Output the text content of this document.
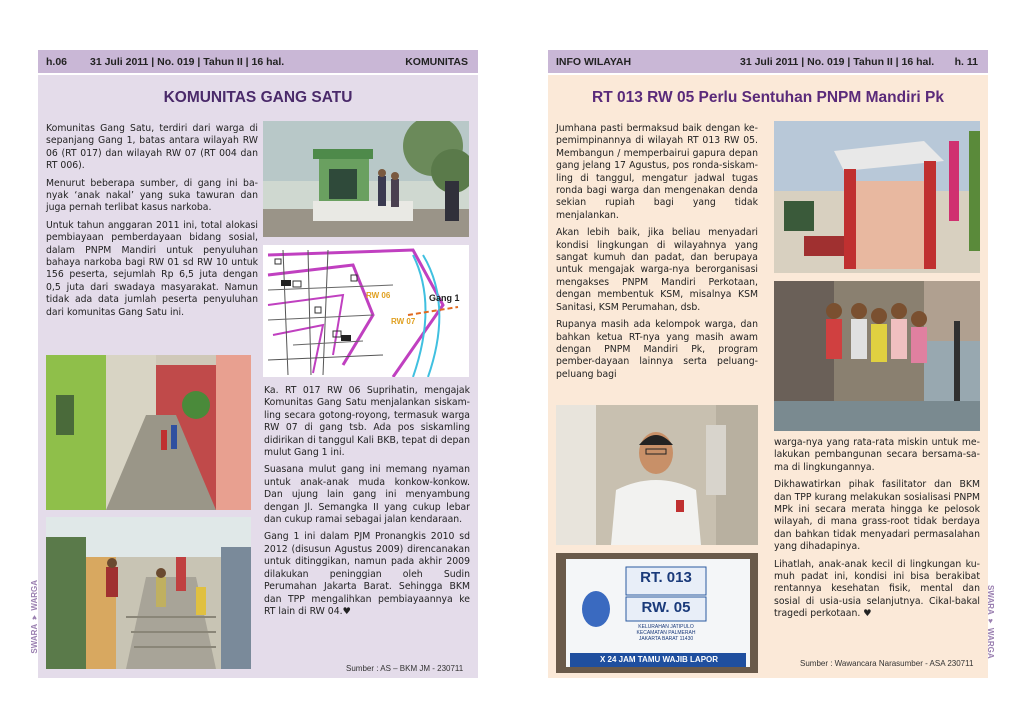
h.06 31 Juli 2011 | No. 019 | Tahun II | 16 hal.	KOMUNITAS
KOMUNITAS GANG SATU

Komunitas Gang Satu, terdiri dari warga di sepanjang Gang 1, batas antara wilayah RW 06 (RT 017) dan wilayah RW 07 (RT 004 dan RT 006).

Menurut beberapa sumber, di gang ini ba-nyak ‘anak nakal’ yang suka tawuran dan juga pernah terlibat kasus narkoba.

Untuk tahun anggaran 2011 ini, total alokasi pembiayaan pemberdayaan bidang sosial, dalam PNPM Mandiri untuk penyuluhan bahaya narkoba bagi RW 01 sd RW 10 untuk 156 peserta, sejumlah Rp 6,5 juta dengan 0,5 juta dari swadaya masyarakat. Namun tidak ada data jumlah peserta penyuluhan dari komunitas Gang Satu ini.

RW 06	Gang 1
RW 07

Ka. RT 017 RW 06 Suprihatin, mengajak Komunitas Gang Satu menjalankan siskam-ling secara gotong-royong, termasuk warga RW 07 di gang tsb. Ada pos siskamling didirikan di tanggul Kali BKB, tepat di depan mulut Gang 1 ini.

Suasana mulut gang ini memang nyaman untuk anak-anak muda konkow-konkow. Dan ujung lain gang ini menyambung dengan Jl. Semangka II yang cukup lebar dan cukup ramai sebagai jalan kendaraan.

Gang 1 ini dalam PJM Pronangkis 2010 sd 2012 (disusun Agustus 2009) direncanakan untuk ditinggikan, namun pada akhir 2009 dilakukan peninggian oleh Sudin Perumahan Jakarta Barat. Sehingga BKM dan TPP mengalihkan pembiayaannya ke RT lain di RW 04.♥

Sumber : AS – BKM JM - 230711
SWARA ♥ WARGA
INFO WILAYAH	31 Juli 2011 | No. 019 | Tahun II | 16 hal. h. 11
RT 013 RW 05 Perlu Sentuhan PNPM Mandiri Pk

Jumhana pasti bermaksud baik dengan ke-pemimpinannya di wilayah RT 013 RW 05. Membangun / memperbairui gapura depan gang jelang 17 Agustus, pos ronda-siskam-ling di tanggul, mengatur jadwal tugas ronda bagi warga dan mengenakan denda sekian rupiah bagi yang tidak menjalankan.

Akan lebih baik, jika beliau menyadari kondisi lingkungan di wilayahnya yang sangat kumuh dan padat, dan berupaya untuk mengajak warga-nya berorganisasi mengakses PNPM Mandiri Perkotaan, dengan membentuk KSM, misalnya KSM Sanitasi, KSM Perumahan, dsb.

Rupanya masih ada kelompok warga, dan bahkan ketua RT-nya yang masih awam dengan PNPM Mandiri Pk, program pember-dayaan lainnya serta peluang-peluang bagi

RT. 013
RW. 05
KELURAHAN JATIPULO
KECAMATAN PALMERAH
JAKARTA BARAT 11430
X 24 JAM TAMU WAJIB LAPOR

warga-nya yang rata-rata miskin untuk me-lakukan pembangunan secara bersama-sa-ma di lingkungannya.

Dikhawatirkan pihak fasilitator dan BKM dan TPP kurang melakukan sosialisasi PNPM MPk ini secara merata hingga ke pelosok wilayah, di mana grass-root tidak berdaya dan bahkan tidak menyadari permasalahan yang dihadapinya.

Lihatlah, anak-anak kecil di lingkungan ku-muh padat ini, kondisi ini bisa berakibat rentannya kesehatan fisik, mental dan sosial di usia-usia selanjutnya. Cikal-bakal tragedi perkotaan. ♥

Sumber : Wawancara Narasumber - ASA 230711
SWARA ♥ WARGA
